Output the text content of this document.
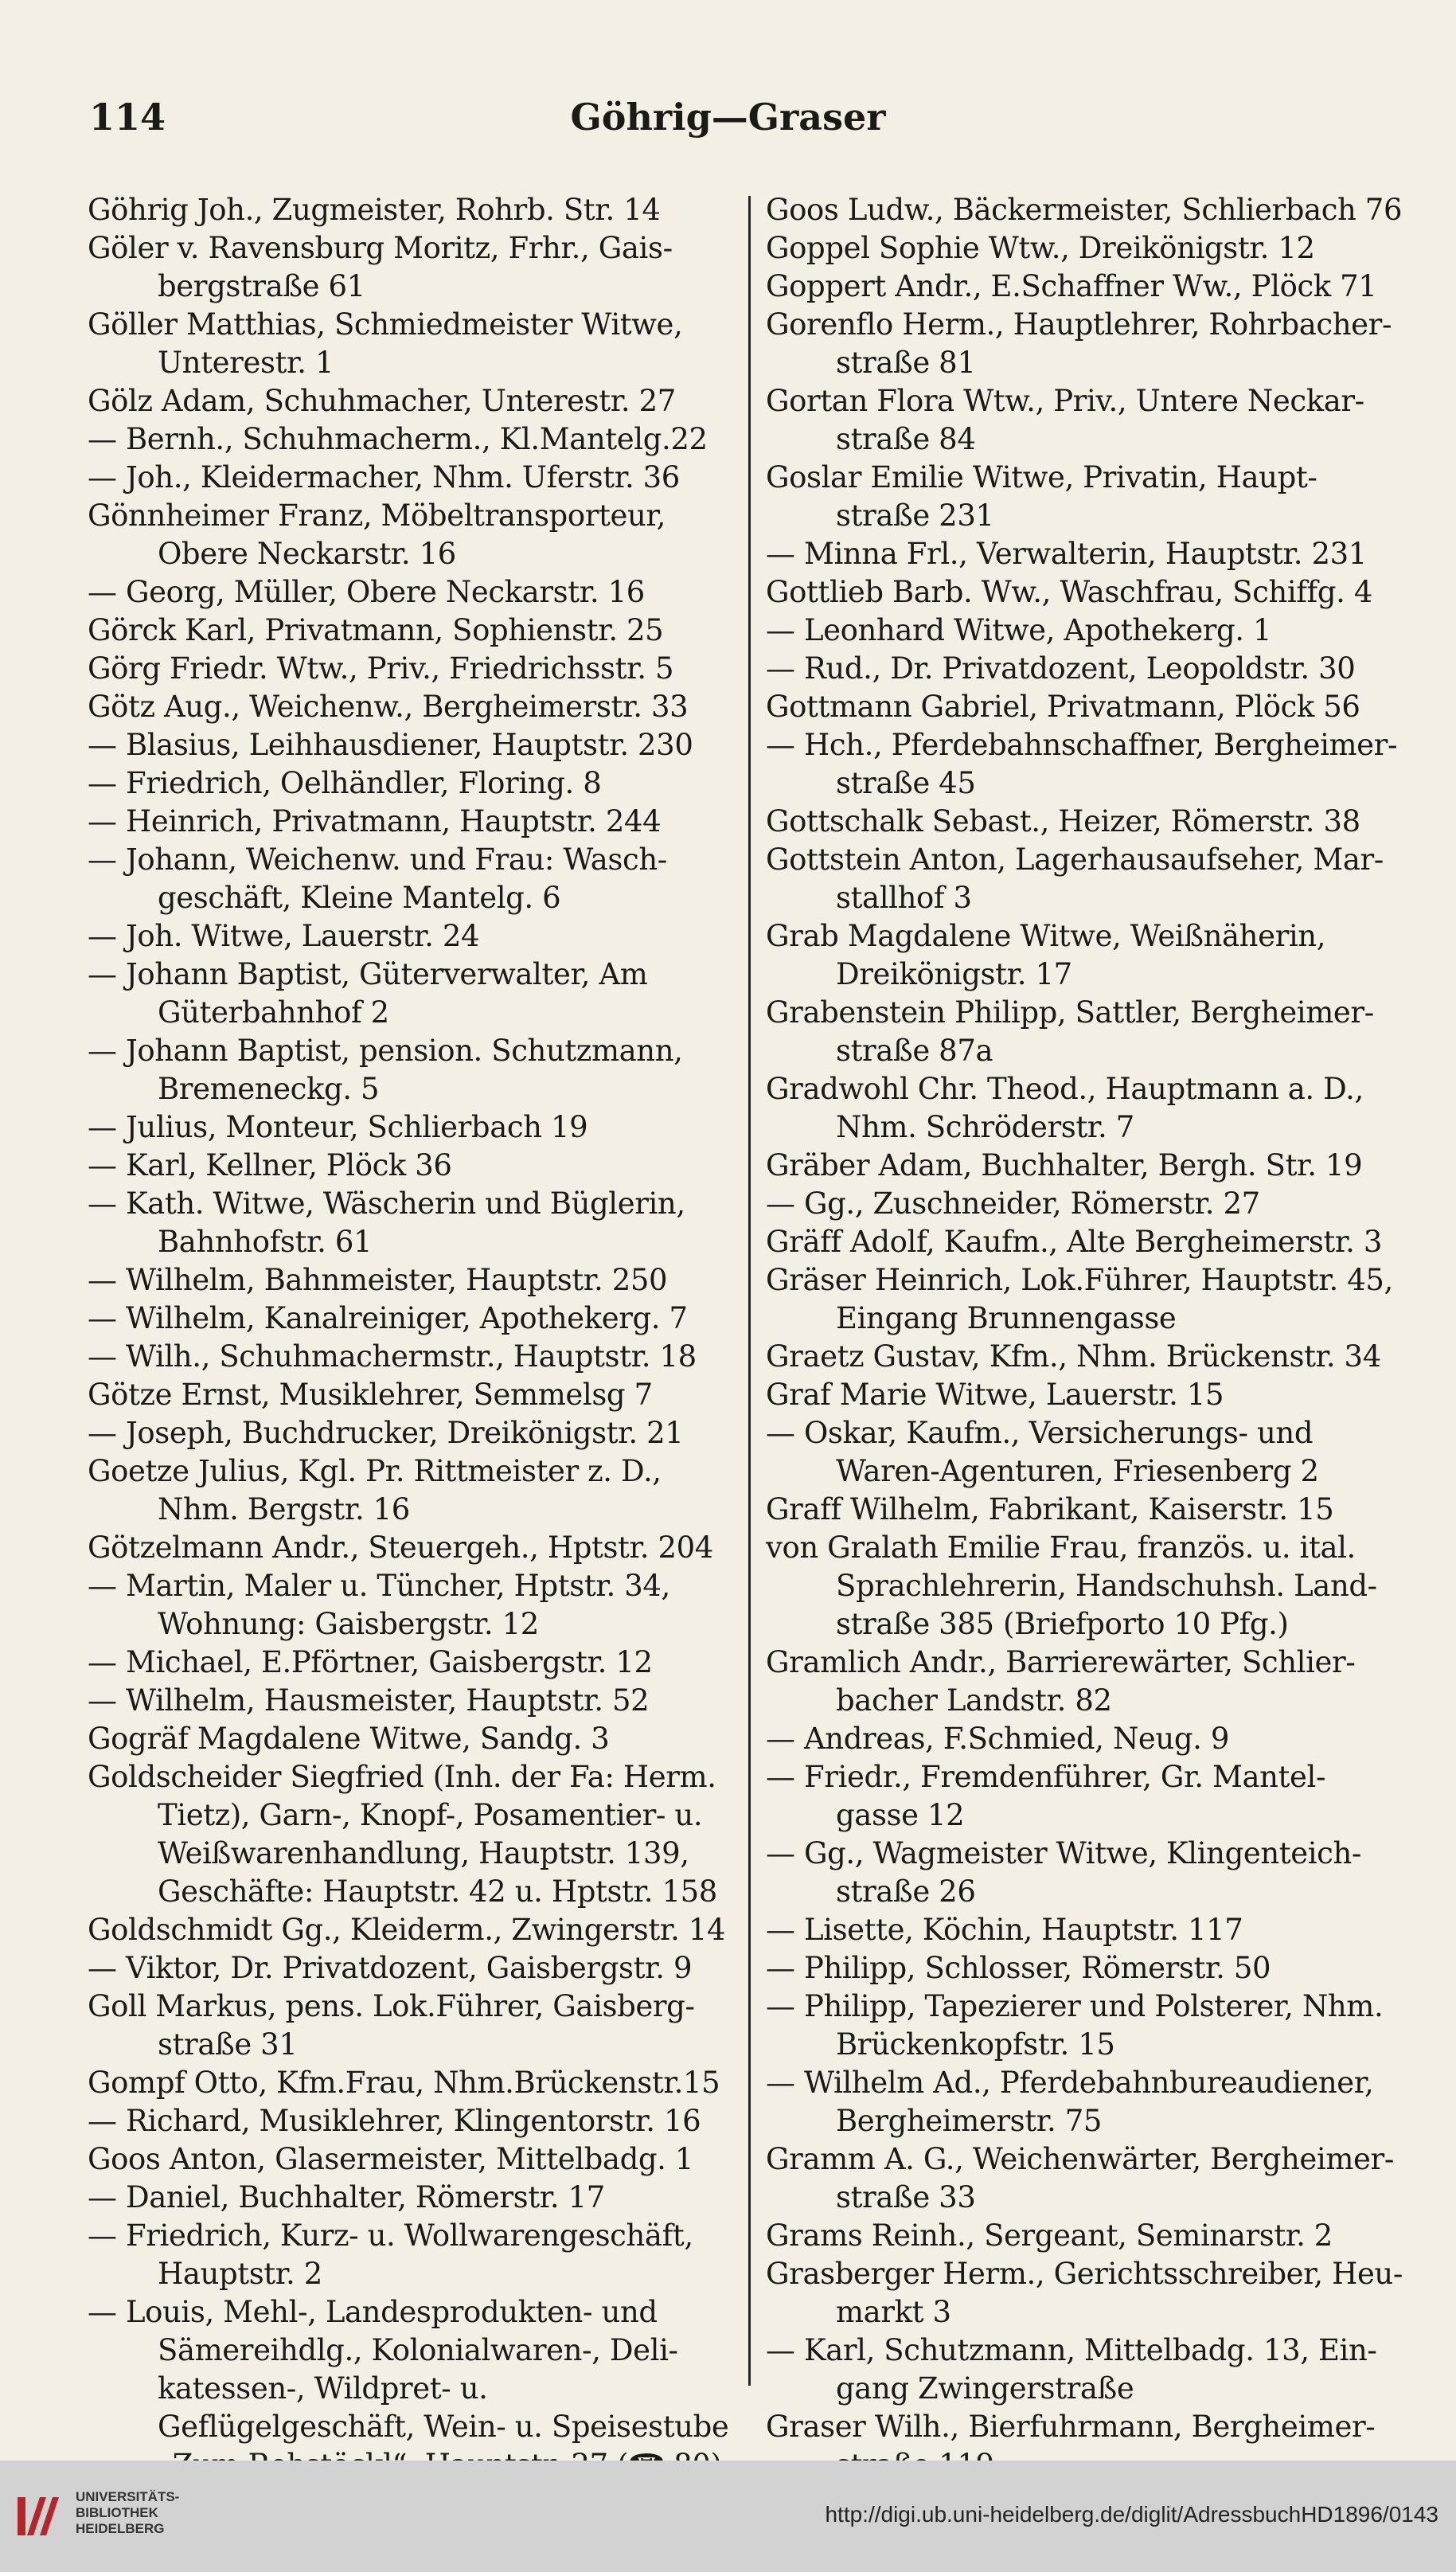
114	Göhrig—Graser

Göhrig Joh., Zugmeister, Rohrb. Str. 14

Göler v. Ravensburg Moritz, Frhr., Gais- bergstraße 61

Göller Matthias, Schmiedmeister Witwe, Unterestr. 1

Gölz Adam, Schuhmacher, Unterestr. 27

— Bernh., Schuhmacherm., Kl.Mantelg.22

— Joh., Kleidermacher, Nhm. Uferstr. 36

Gönnheimer Franz, Möbeltransporteur, Obere Neckarstr. 16

— Georg, Müller, Obere Neckarstr. 16

Görck Karl, Privatmann, Sophienstr. 25

Görg Friedr. Wtw., Priv., Friedrichsstr. 5

Götz Aug., Weichenw., Bergheimerstr. 33

— Blasius, Leihhausdiener, Hauptstr. 230

— Friedrich, Oelhändler, Floring. 8

— Heinrich, Privatmann, Hauptstr. 244

— Johann, Weichenw. und Frau: Wasch- geschäft, Kleine Mantelg. 6

— Joh. Witwe, Lauerstr. 24

— Johann Baptist, Güterverwalter, Am Güterbahnhof 2

— Johann Baptist, pension. Schutzmann, Bremeneckg. 5

— Julius, Monteur, Schlierbach 19

— Karl, Kellner, Plöck 36

— Kath. Witwe, Wäscherin und Büglerin, Bahnhofstr. 61

— Wilhelm, Bahnmeister, Hauptstr. 250

— Wilhelm, Kanalreiniger, Apothekerg. 7

— Wilh., Schuhmachermstr., Hauptstr. 18

Götze Ernst, Musiklehrer, Semmelsg 7

— Joseph, Buchdrucker, Dreikönigstr. 21

Goetze Julius, Kgl. Pr. Rittmeister z. D., Nhm. Bergstr. 16

Götzelmann Andr., Steuergeh., Hptstr. 204

— Martin, Maler u. Tüncher, Hptstr. 34, Wohnung: Gaisbergstr. 12

— Michael, E.Pförtner, Gaisbergstr. 12

— Wilhelm, Hausmeister, Hauptstr. 52

Gogräf Magdalene Witwe, Sandg. 3

Goldscheider Siegfried (Inh. der Fa: Herm. Tietz), Garn-, Knopf-, Posamentier- u. Weißwarenhandlung, Hauptstr. 139, Geschäfte: Hauptstr. 42 u. Hptstr. 158

Goldschmidt Gg., Kleiderm., Zwingerstr. 14

— Viktor, Dr. Privatdozent, Gaisbergstr. 9

Goll Markus, pens. Lok.Führer, Gaisberg- straße 31

Gompf Otto, Kfm.Frau, Nhm.Brückenstr.15

— Richard, Musiklehrer, Klingentorstr. 16

Goos Anton, Glasermeister, Mittelbadg. 1

— Daniel, Buchhalter, Römerstr. 17

— Friedrich, Kurz- u. Wollwarengeschäft, Hauptstr. 2

— Louis, Mehl-, Landesprodukten- und Sämereihdlg., Kolonialwaren-, Deli- katessen-, Wildpret- u. Geflügelgeschäft, Wein- u. Speisestube

Goos Ludw., Bäckermeister, Schlierbach 76

Goppel Sophie Wtw., Dreikönigstr. 12

Goppert Andr., E.Schaffner Ww., Plöck 71

Gorenflo Herm., Hauptlehrer, Rohrbacher- straße 81

Gortan Flora Wtw., Priv., Untere Neckar- straße 84

Goslar Emilie Witwe, Privatin, Haupt- straße 231

— Minna Frl., Verwalterin, Hauptstr. 231

Gottlieb Barb. Ww., Waschfrau, Schiffg. 4

— Leonhard Witwe, Apothekerg. 1

— Rud., Dr. Privatdozent, Leopoldstr. 30

Gottmann Gabriel, Privatmann, Plöck 56

— Hch., Pferdebahnschaffner, Bergheimer- straße 45

Gottschalk Sebast., Heizer, Römerstr. 38

Gottstein Anton, Lagerhausaufseher, Mar- stallhof 3

Grab Magdalene Witwe, Weißnäherin, Dreikönigstr. 17

Grabenstein Philipp, Sattler, Bergheimer- straße 87a

Gradwohl Chr. Theod., Hauptmann a. D., Nhm. Schröderstr. 7

Gräber Adam, Buchhalter, Bergh. Str. 19

— Gg., Zuschneider, Römerstr. 27

Gräff Adolf, Kaufm., Alte Bergheimerstr. 3

Gräser Heinrich, Lok.Führer, Hauptstr. 45, Eingang Brunnengasse

Graetz Gustav, Kfm., Nhm. Brückenstr. 34

Graf Marie Witwe, Lauerstr. 15

— Oskar, Kaufm., Versicherungs- und Waren-Agenturen, Friesenberg 2

Graff Wilhelm, Fabrikant, Kaiserstr. 15

von Gralath Emilie Frau, französ. u. ital. Sprachlehrerin, Handschuhsh. Land- straße 385 (Briefporto 10 Pfg.)

Gramlich Andr., Barrierewärter, Schlier- bacher Landstr. 82

— Andreas, F.Schmied, Neug. 9

— Friedr., Fremdenführer, Gr. Mantel- gasse 12

— Gg., Wagmeister Witwe, Klingenteich- straße 26

— Lisette, Köchin, Hauptstr. 117

— Philipp, Schlosser, Römerstr. 50

— Philipp, Tapezierer und Polsterer, Nhm. Brückenkopfstr. 15

— Wilhelm Ad., Pferdebahnbureaudiener, Bergheimerstr. 75

Gramm A. G., Weichenwärter, Bergheimer- straße 33

Grams Reinh., Sergeant, Seminarstr. 2

Grasberger Herm., Gerichtsschreiber, Heu- markt 3

— Karl, Schutzmann, Mittelbadg. 13, Ein- gang Zwingerstraße

Graser Wilh., Bierfuhrmann, Bergheimer-

UNIVERSITÄTS-
BIBLIOTHEK
HEIDELBERG
http://digi.ub.uni-heidelberg.de/diglit/AdressbuchHD1896/0143
